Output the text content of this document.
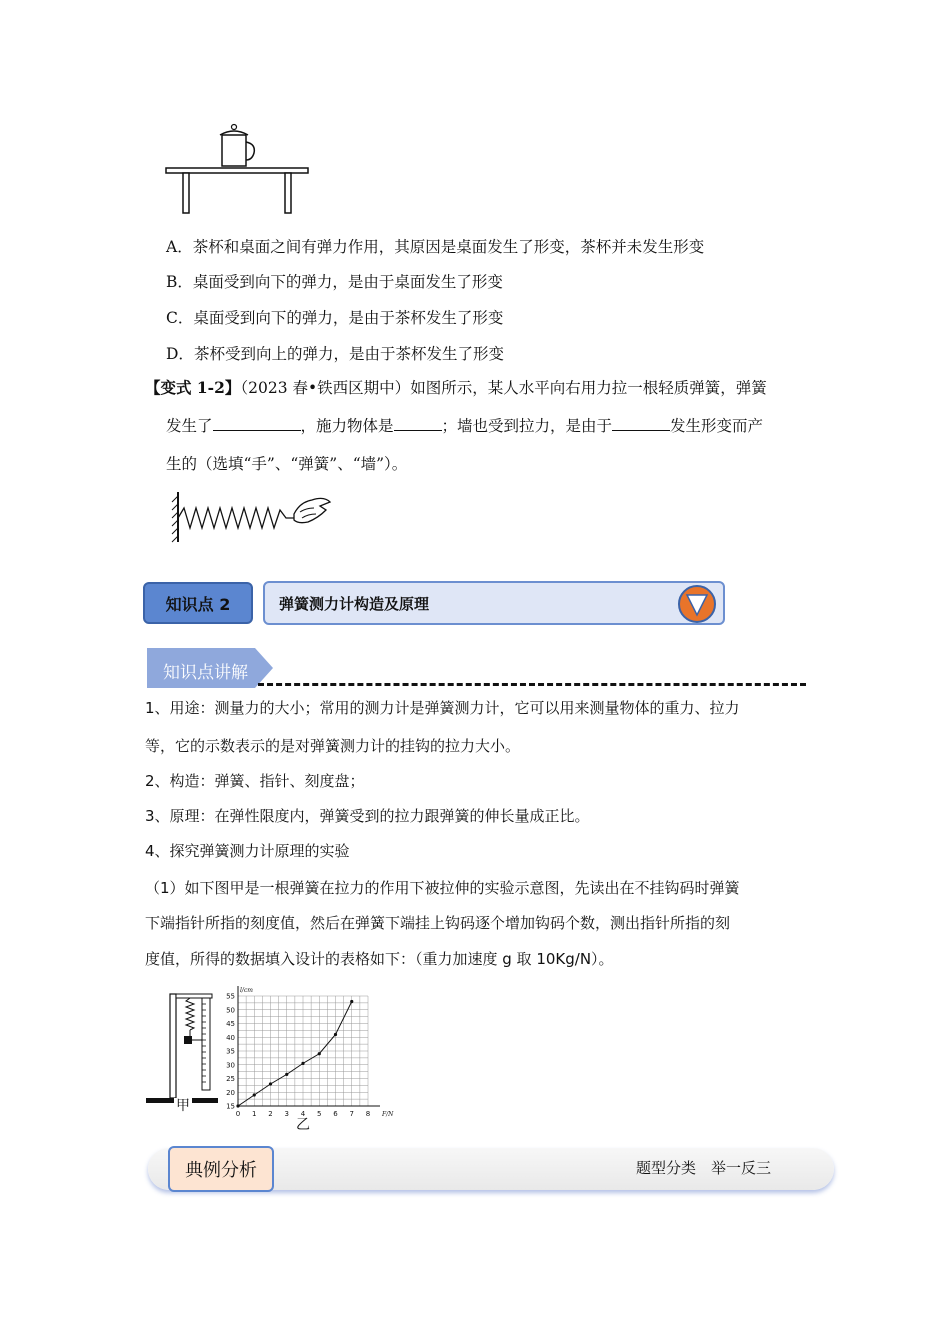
A．茶杯和桌面之间有弹力作用，其原因是桌面发生了形变，茶杯并未发生形变
B．桌面受到向下的弹力，是由于桌面发生了形变
C．桌面受到向下的弹力，是由于茶杯发生了形变
D．茶杯受到向上的弹力，是由于茶杯发生了形变
【变式 1-2】（2023 春•铁西区期中）如图所示，某人水平向右用力拉一根轻质弹簧，弹簧
发生了	，施力物体是	；墙也受到拉力，是由于	发生形变而产
生的（选填“手”、“弹簧”、“墙”）。
知识点 2	弹簧测力计构造及原理
知识点讲解
1、用途：测量力的大小；常用的测力计是弹簧测力计，它可以用来测量物体的重力、拉力
等，它的示数表示的是对弹簧测力计的挂钩的拉力大小。
2、构造：弹簧、指针、刻度盘；
3、原理：在弹性限度内，弹簧受到的拉力跟弹簧的伸长量成正比。
4、探究弹簧测力计原理的实验
（1）如下图甲是一根弹簧在拉力的作用下被拉伸的实验示意图，先读出在不挂钩码时弹簧
下端指针所指的刻度值，然后在弹簧下端挂上钩码逐个增加钩码个数，测出指针所指的刻
度值，所得的数据填入设计的表格如下：（重力加速度 g 取 10Kg/N）。
甲	0 1 2 3 4 5 6 7 8
15
20
25
30
35
40
45
50
55
F/N
l/cm
乙
典例分析	题型分类　举一反三
